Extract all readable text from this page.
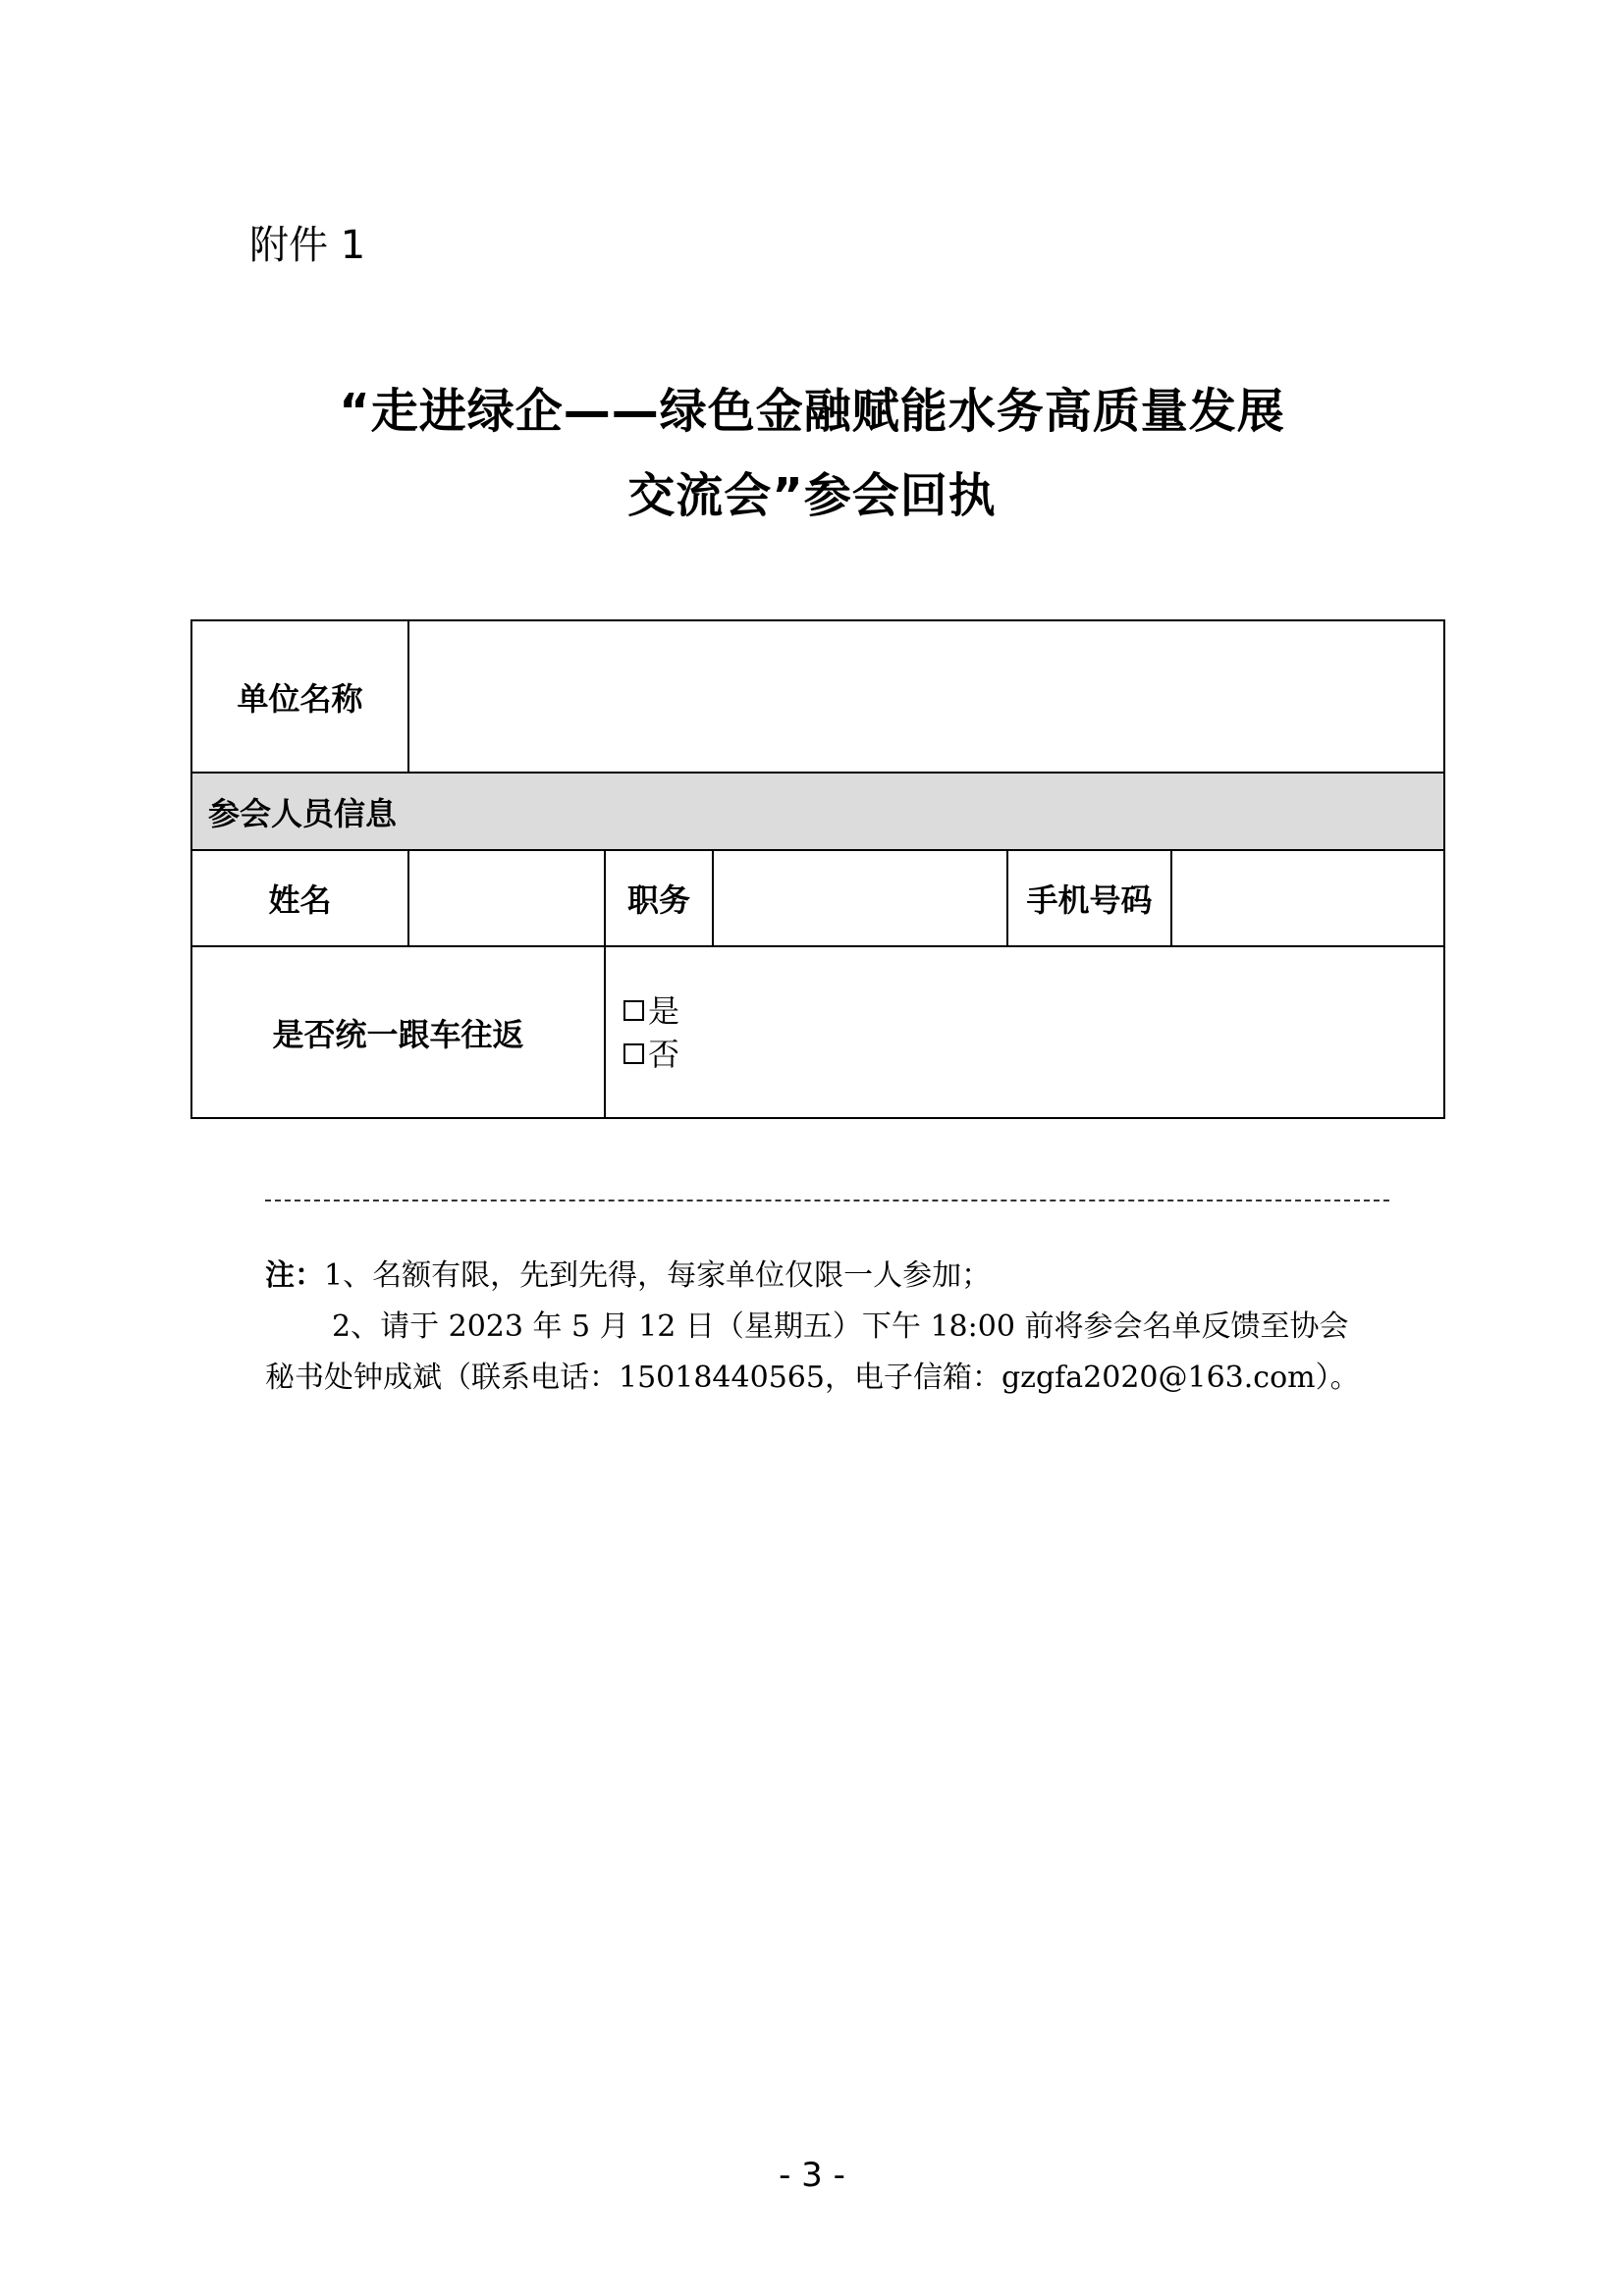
附件 1
“走进绿企——绿色金融赋能水务高质量发展
交流会”参会回执
单位名称					
参会人员信息					
姓名		职务		手机号码	
是否统一跟车往返		是
否			

注：1、名额有限，先到先得，每家单位仅限一人参加；

2、请于 2023 年 5 月 12 日（星期五）下午 18:00 前将参会名单反馈至协会

秘书处钟成斌（联系电话：15018440565，电子信箱：gzgfa2020@163.com）。

- 3 -
